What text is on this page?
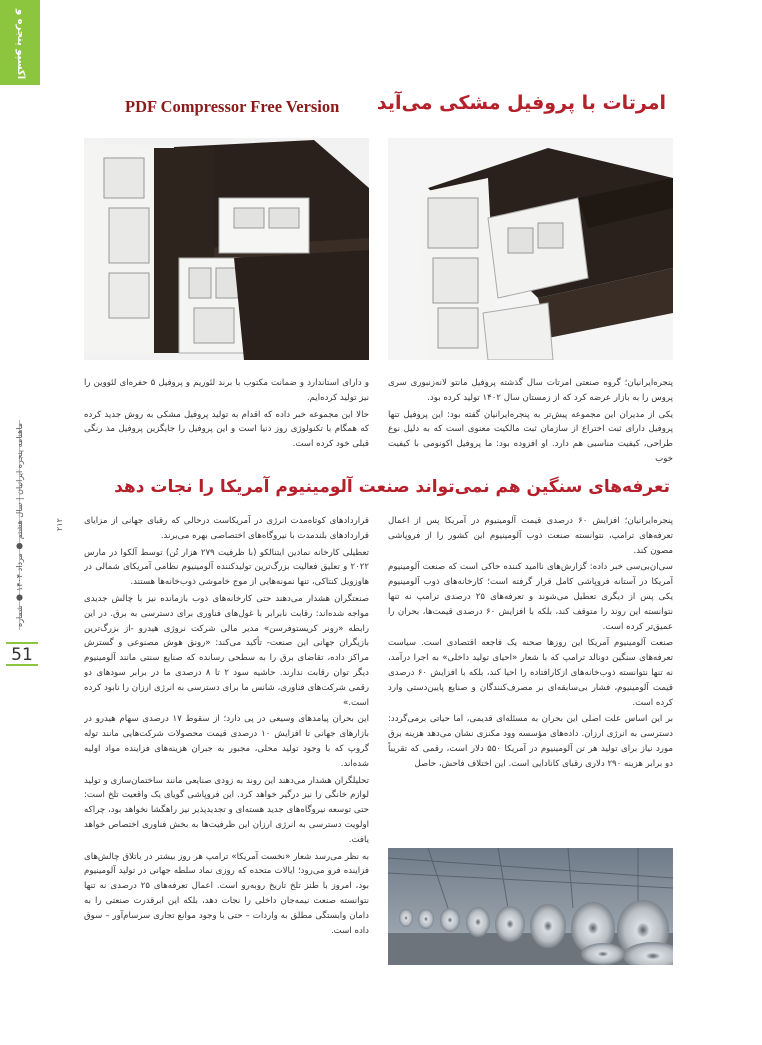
اکسپو پنجره و
ماهنامه پنجره ایرانیان | سال هشتم ● مرداد ۱۴۰۴ ● شماره ۲۱۲
51
PDF Compressor Free Version	امرتات با پروفیل مشکی می‌آید

پنجره‌ایرانیان؛ گروه صنعتی امرتات سال گذشته پروفیل مانتو لانه‌زنبوری سری پروس را به بازار عرضه کرد که از زمستان سال ۱۴۰۲ تولید کرده بود.

یکی از مدیران این مجموعه پیش‌تر به پنجره‌ایرانیان گفته بود: این پروفیل تنها پروفیل دارای ثبت اختراع از سازمان ثبت مالکیت معنوی است که به دلیل نوع طراحی، کیفیت مناسبی هم دارد. او افزوده بود: ما پروفیل اکونومی با کیفیت خوب

و دارای استاندارد و ضمانت مکتوب با برند لئوریم و پروفیل ۵ حفره‌ای لئووین را نیز تولید کرده‌ایم.

حالا این مجموعه خبر داده که اقدام به تولید پروفیل مشکی به روش جدید کرده که همگام با تکنولوژی روز دنیا است و این پروفیل را جایگزین پروفیل مذ رنگی قبلی خود کرده است.

تعرفه‌های سنگین هم نمی‌تواند صنعت آلومینیوم آمریکا را نجات دهد

پنجره‌ایرانیان؛ افزایش ۶۰ درصدی قیمت آلومینیوم در آمریکا پس از اعمال تعرفه‌های ترامپ، نتوانسته صنعت ذوب آلومینیوم این کشور را از فروپاشی مصون کند.

سی‌ان‌بی‌سی خبر داده: گزارش‌های ناامید کننده حاکی است که صنعت آلومینیوم آمریکا در آستانه فروپاشی کامل قرار گرفته است؛ کارخانه‌های ذوب آلومینیوم یکی پس از دیگری تعطیل می‌شوند و تعرفه‌های ۲۵ درصدی ترامپ نه تنها نتوانسته این روند را متوقف کند، بلکه با افزایش ۶۰ درصدی قیمت‌ها، بحران را عمیق‌تر کرده است.

صنعت آلومینیوم آمریکا این روزها صحنه یک فاجعه اقتصادی است. سیاست تعرفه‌های سنگین دونالد ترامپ که با شعار «احیای تولید داخلی» به اجرا درآمد، نه تنها نتوانسته ذوب‌خانه‌های ازکارافتاده را احیا کند، بلکه با افزایش ۶۰ درصدی قیمت آلومینیوم، فشار بی‌سابقه‌ای بر مصرف‌کنندگان و صنایع پایین‌دستی وارد کرده است.

بر این اساس علت اصلی این بحران به مسئله‌ای قدیمی، اما حیاتی برمی‌گردد: دسترسی به انرژی ارزان. داده‌های مؤسسه وود مکنزی نشان می‌دهد هزینه برق مورد نیاز برای تولید هر تن آلومینیوم در آمریکا ۵۵۰ دلار است، رقمی که تقریباً دو برابر هزینه ۲۹۰ دلاری رقبای کانادایی است. این اختلاف فاحش، حاصل

قراردادهای کوتاه‌مدت انرژی در آمریکاست درحالی که رقبای جهانی از مزایای قراردادهای بلندمدت با نیروگاه‌های اختصاصی بهره می‌برند.

تعطیلی کارخانه نمادین ایتنالکو (با ظرفیت ۲۷۹ هزار تُن) توسط آلکوا در مارس ۲۰۲۲ و تعلیق فعالیت بزرگ‌ترین تولیدکننده آلومینیوم نظامی آمریکای شمالی در هاوزویل کنتاکی، تنها نمونه‌هایی از موج خاموشی ذوب‌خانه‌ها هستند.

صنعتگران هشدار می‌دهند حتی کارخانه‌های ذوب بازمانده نیز با چالش جدیدی مواجه شده‌اند: رقابت نابرابر با غول‌های فناوری برای دسترسی به برق. در این رابطه «رونر کریستوفرسن» مدیر مالی شرکت نروژی هیدرو -از بزرگ‌ترین بازیگران جهانی این صنعت- تأکید می‌کند: «رونق هوش مصنوعی و گسترش مراکز داده، تقاضای برق را به سطحی رسانده که صنایع سنتی مانند آلومینیوم دیگر توان رقابت ندارند. حاشیه سود ۲ تا ۸ درصدی ما در برابر سودهای دو رقمی شرکت‌های فناوری، شانس ما برای دسترسی به انرژی ارزان را نابود کرده است.»

این بحران پیامدهای وسیعی در پی دارد؛ از سقوط ۱۷ درصدی سهام هیدرو در بازارهای جهانی تا افزایش ۱۰ درصدی قیمت محصولات شرکت‌هایی مانند توله گروپ که با وجود تولید محلی، مجبور به جبران هزینه‌های فزاینده مواد اولیه شده‌اند.

تحلیلگران هشدار می‌دهند این روند به زودی صنایعی مانند ساختمان‌سازی و تولید لوازم خانگی را نیز درگیر خواهد کرد. این فروپاشی گویای یک واقعیت تلخ است: حتی توسعه نیروگاه‌های جدید هسته‌ای و تجدیدپذیر نیز راهگشا نخواهد بود، چراکه اولویت دسترسی به انرژی ارزان این ظرفیت‌ها به بخش فناوری اختصاص خواهد یافت.

به نظر می‌رسد شعار «نخست آمریکا» ترامپ هر روز بیشتر در باتلاق چالش‌های فزاینده فرو می‌رود؛ ایالات متحده که روزی نماد سلطه جهانی در تولید آلومینیوم بود، امروز با طنز تلخ تاریخ روبه‌رو است. اعمال تعرفه‌های ۲۵ درصدی نه تنها نتوانسته صنعت نیمه‌جان داخلی را نجات دهد، بلکه این ابرقدرت صنعتی را به دامان وابستگی مطلق به واردات – حتی با وجود موانع تجاری سرسام‌آور – سوق داده است.
